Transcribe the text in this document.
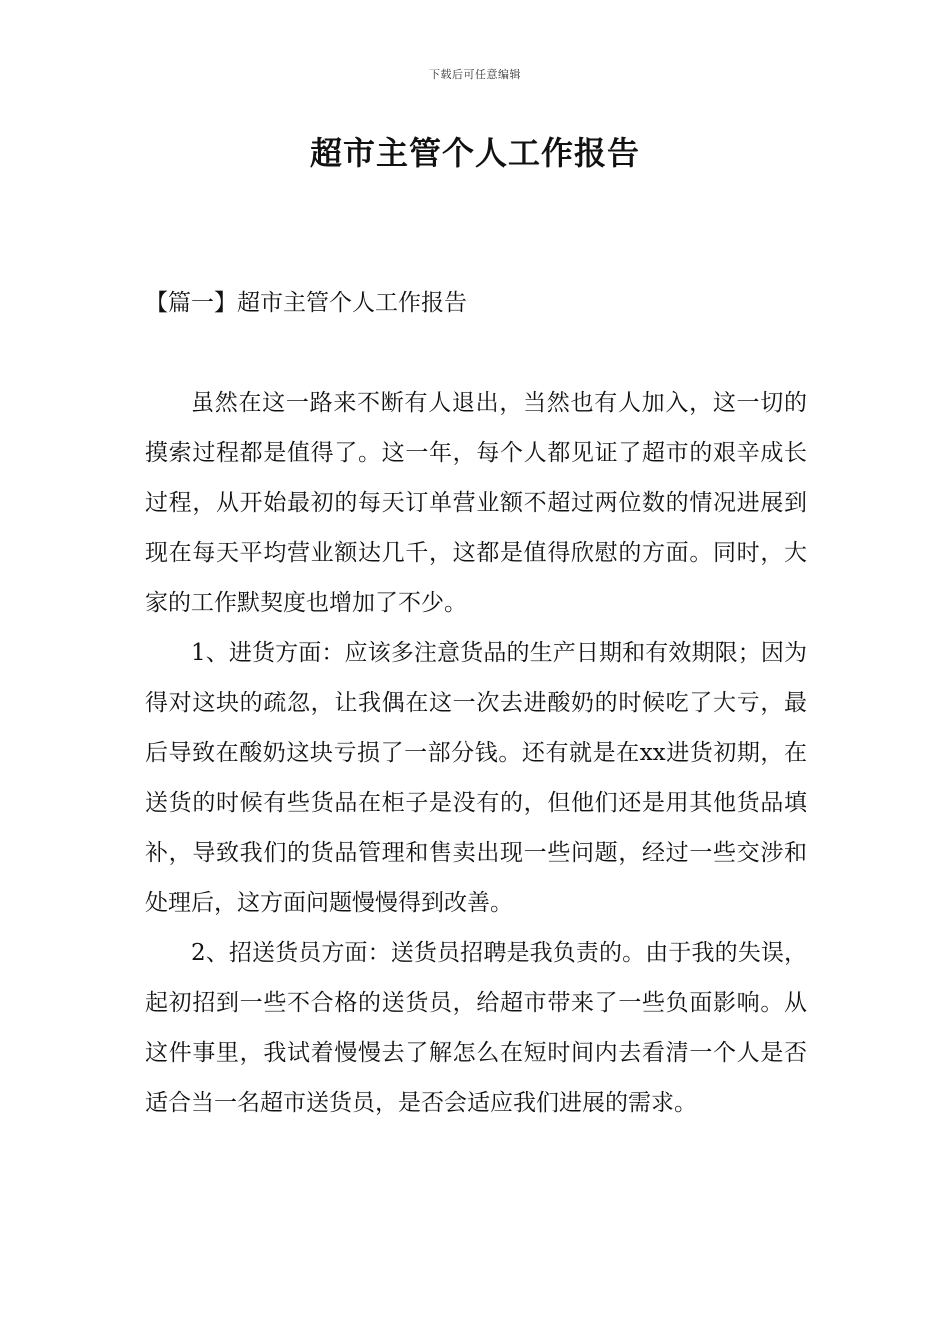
下载后可任意编辑
超市主管个人工作报告
【篇一】超市主管个人工作报告

虽然在这一路来不断有人退出，当然也有人加入，这一切的摸索过程都是值得了。这一年，每个人都见证了超市的艰辛成长过程，从开始最初的每天订单营业额不超过两位数的情况进展到现在每天平均营业额达几千，这都是值得欣慰的方面。同时，大家的工作默契度也增加了不少。

1、进货方面：应该多注意货品的生产日期和有效期限；因为得对这块的疏忽，让我偶在这一次去进酸奶的时候吃了大亏，最后导致在酸奶这块亏损了一部分钱。还有就是在xx进货初期，在送货的时候有些货品在柜子是没有的，但他们还是用其他货品填补，导致我们的货品管理和售卖出现一些问题，经过一些交涉和处理后，这方面问题慢慢得到改善。

2、招送货员方面：送货员招聘是我负责的。由于我的失误，起初招到一些不合格的送货员，给超市带来了一些负面影响。从这件事里，我试着慢慢去了解怎么在短时间内去看清一个人是否适合当一名超市送货员，是否会适应我们进展的需求。
